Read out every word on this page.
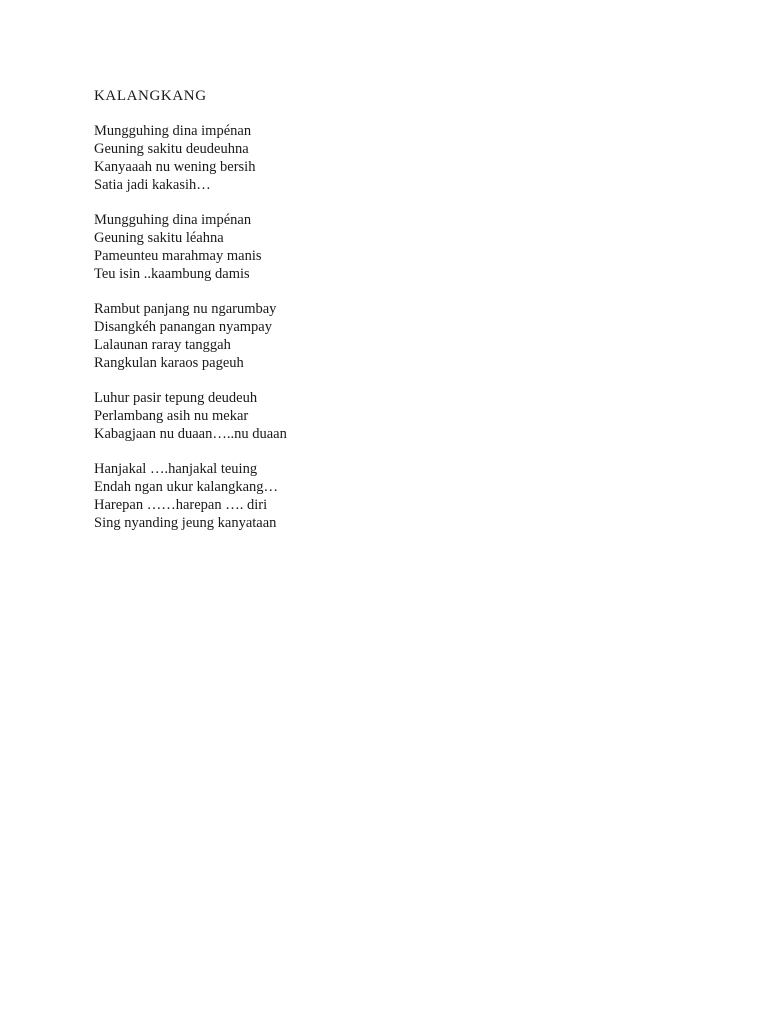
KALANGKANG
Mungguhing dina impénan
Geuning sakitu deudeuhna
Kanyaaah nu wening bersih
Satia jadi kakasih…
Mungguhing dina impénan
Geuning sakitu léahna
Pameunteu marahmay manis
Teu isin ..kaambung damis
Rambut panjang nu ngarumbay
Disangkéh panangan nyampay
Lalaunan raray tanggah
Rangkulan karaos pageuh
Luhur pasir tepung deudeuh
Perlambang asih nu mekar
Kabagjaan nu duaan…..nu duaan
Hanjakal ….hanjakal teuing
Endah ngan ukur kalangkang…
Harepan ……harepan …. diri
Sing nyanding jeung kanyataan
